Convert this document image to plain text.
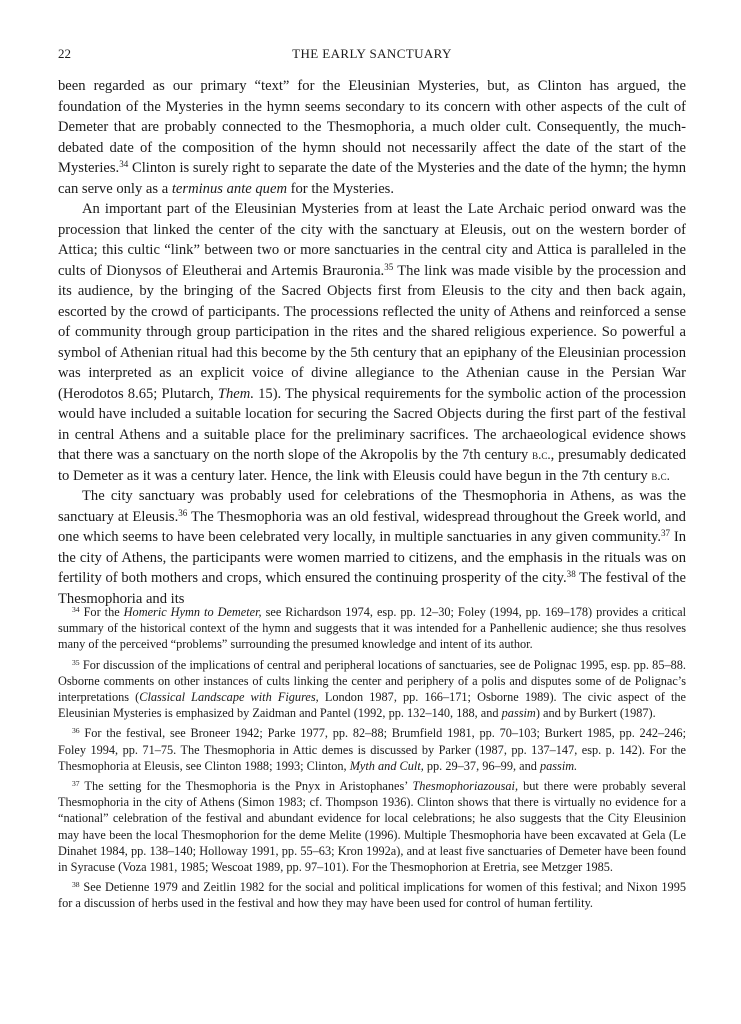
22	THE EARLY SANCTUARY

been regarded as our primary “text” for the Eleusinian Mysteries, but, as Clinton has argued, the foundation of the Mysteries in the hymn seems secondary to its concern with other aspects of the cult of Demeter that are probably connected to the Thesmophoria, a much older cult. Consequently, the much-debated date of the composition of the hymn should not necessarily affect the date of the start of the Mysteries.$^{34}$ Clinton is surely right to separate the date of the Mysteries and the date of the hymn; the hymn can serve only as a terminus ante quem for the Mysteries.

An important part of the Eleusinian Mysteries from at least the Late Archaic period onward was the procession that linked the center of the city with the sanctuary at Eleusis, out on the western border of Attica; this cultic “link” between two or more sanctuaries in the central city and Attica is paralleled in the cults of Dionysos of Eleutherai and Artemis Brauronia.$^{35}$ The link was made visible by the procession and its audience, by the bringing of the Sacred Objects first from Eleusis to the city and then back again, escorted by the crowd of participants. The processions reflected the unity of Athens and reinforced a sense of community through group participation in the rites and the shared religious experience. So powerful a symbol of Athenian ritual had this become by the 5th century that an epiphany of the Eleusinian procession was interpreted as an explicit voice of divine allegiance to the Athenian cause in the Persian War (Herodotos 8.65; Plutarch, Them. 15). The physical requirements for the symbolic action of the procession would have included a suitable location for securing the Sacred Objects during the first part of the festival in central Athens and a suitable place for the preliminary sacrifices. The archaeological evidence shows that there was a sanctuary on the north slope of the Akropolis by the 7th century b.c., presumably dedicated to Demeter as it was a century later. Hence, the link with Eleusis could have begun in the 7th century b.c.

The city sanctuary was probably used for celebrations of the Thesmophoria in Athens, as was the sanctuary at Eleusis.$^{36}$ The Thesmophoria was an old festival, widespread throughout the Greek world, and one which seems to have been celebrated very locally, in multiple sanctuaries in any given community.$^{37}$ In the city of Athens, the participants were women married to citizens, and the emphasis in the rituals was on fertility of both mothers and crops, which ensured the continuing prosperity of the city.$^{38}$ The festival of the Thesmophoria and its

$^{34}$ For the Homeric Hymn to Demeter, see Richardson 1974, esp. pp. 12–30; Foley (1994, pp. 169–178) provides a critical summary of the historical context of the hymn and suggests that it was intended for a Panhellenic audience; she thus resolves many of the perceived “problems” surrounding the presumed knowledge and intent of its author.

$^{35}$ For discussion of the implications of central and peripheral locations of sanctuaries, see de Polignac 1995, esp. pp. 85–88. Osborne comments on other instances of cults linking the center and periphery of a polis and disputes some of de Polignac’s interpretations (Classical Landscape with Figures, London 1987, pp. 166–171; Osborne 1989). The civic aspect of the Eleusinian Mysteries is emphasized by Zaidman and Pantel (1992, pp. 132–140, 188, and passim) and by Burkert (1987).

$^{36}$ For the festival, see Broneer 1942; Parke 1977, pp. 82–88; Brumfield 1981, pp. 70–103; Burkert 1985, pp. 242–246; Foley 1994, pp. 71–75. The Thesmophoria in Attic demes is discussed by Parker (1987, pp. 137–147, esp. p. 142). For the Thesmophoria at Eleusis, see Clinton 1988; 1993; Clinton, Myth and Cult, pp. 29–37, 96–99, and passim.

$^{37}$ The setting for the Thesmophoria is the Pnyx in Aristophanes’ Thesmophoriazousai, but there were probably several Thesmophoria in the city of Athens (Simon 1983; cf. Thompson 1936). Clinton shows that there is virtually no evidence for a “national” celebration of the festival and abundant evidence for local celebrations; he also suggests that the City Eleusinion may have been the local Thesmophorion for the deme Melite (1996). Multiple Thesmophoria have been excavated at Gela (Le Dinahet 1984, pp. 138–140; Holloway 1991, pp. 55–63; Kron 1992a), and at least five sanctuaries of Demeter have been found in Syracuse (Voza 1981, 1985; Wescoat 1989, pp. 97–101). For the Thesmophorion at Eretria, see Metzger 1985.

$^{38}$ See Detienne 1979 and Zeitlin 1982 for the social and political implications for women of this festival; and Nixon 1995 for a discussion of herbs used in the festival and how they may have been used for control of human fertility.
